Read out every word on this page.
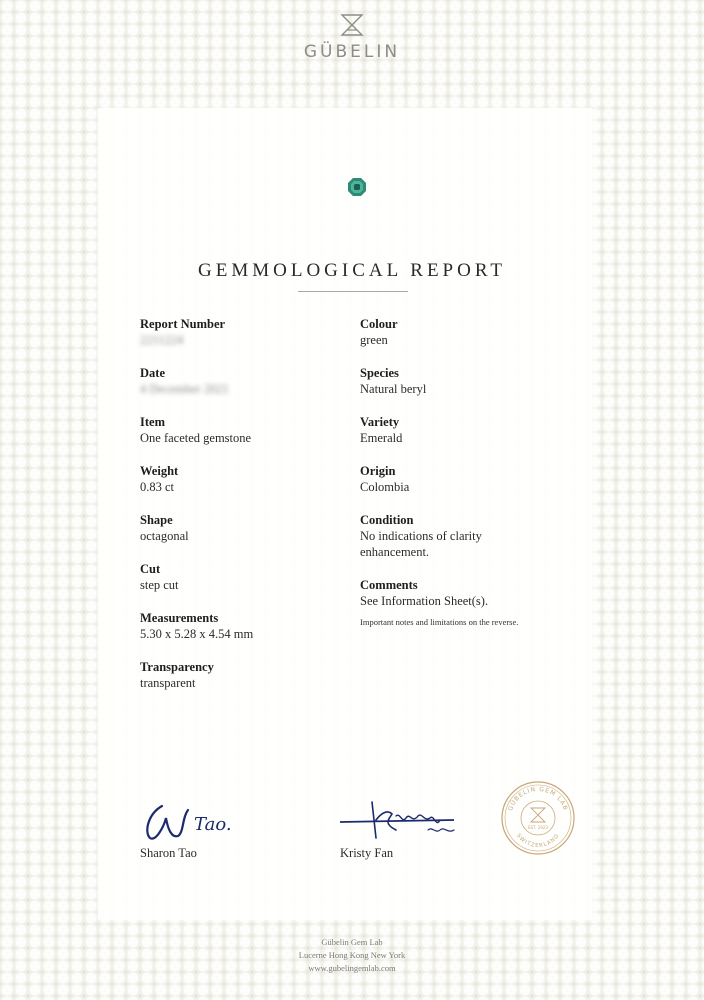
GÜBELIN
GEMMOLOGICAL REPORT
Report Number
2211224
Date
4 December 2021
Item
One faceted gemstone
Weight
0.83 ct
Shape
octagonal
Cut
step cut
Measurements
5.30 x 5.28 x 4.54 mm
Transparency
transparent
Colour
green
Species
Natural beryl
Variety
Emerald
Origin
Colombia
Condition
No indications of clarity
enhancement.
Comments
See Information Sheet(s).
Important notes and limitations on the reverse.
Tao.
Sharon Tao	Kristy Fan
GÜBELIN GEM LAB
SWITZERLAND
EST. 1923
Gübelin Gem Lab
Lucerne Hong Kong New York
www.gubelingemlab.com
